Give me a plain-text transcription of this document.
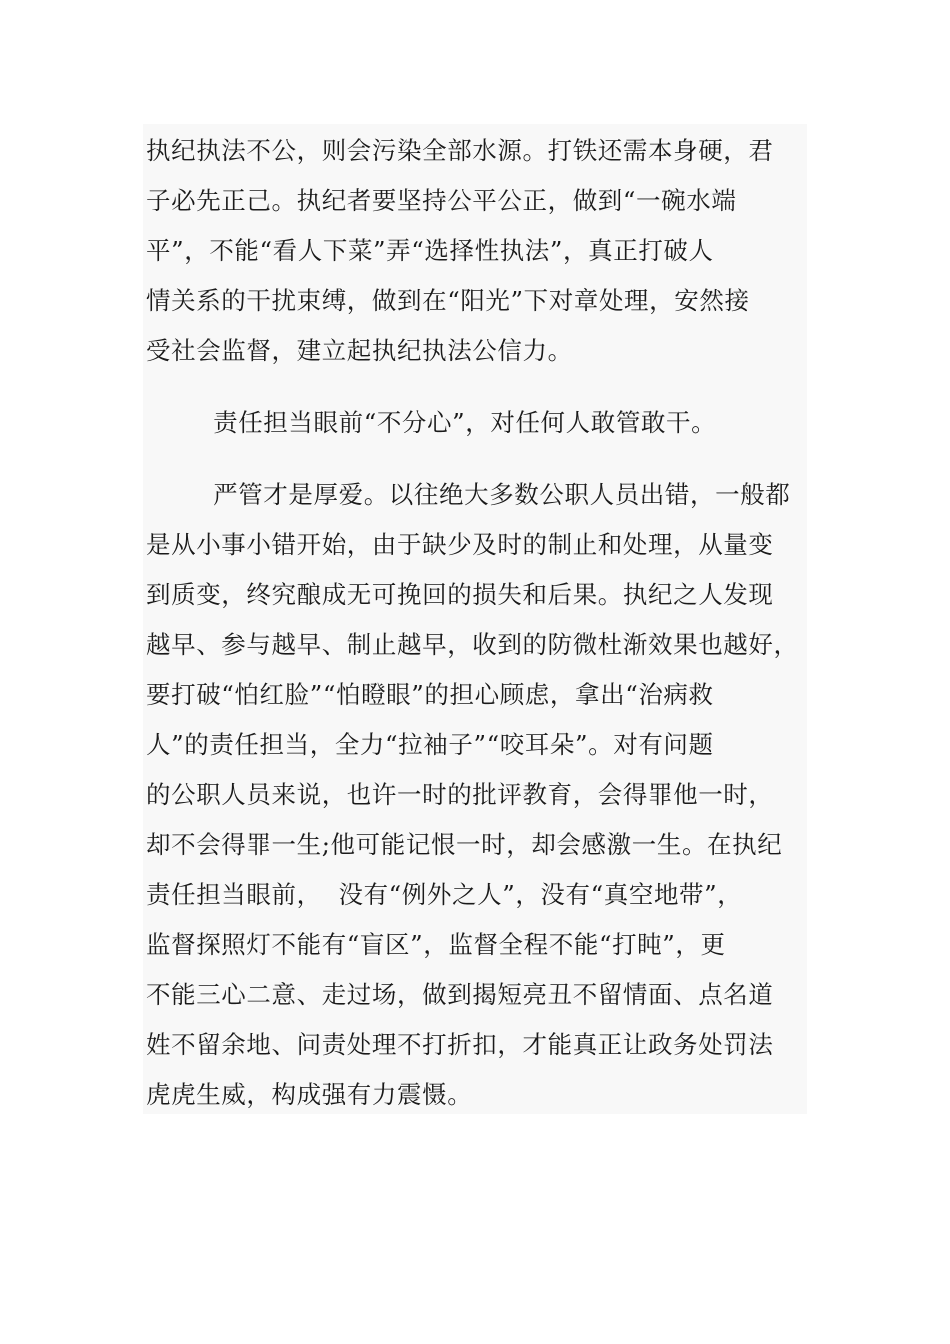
执纪执法不公，则会污染全部水源。打铁还需本身硬，君
子必先正己。执纪者要坚持公平公正，做到“一碗水端
平”，不能“看人下菜”弄“选择性执法”，真正打破人
情关系的干扰束缚，做到在“阳光”下对章处理，安然接
受社会监督，建立起执纪执法公信力。
责任担当眼前“不分心”，对任何人敢管敢干。
严管才是厚爱。以往绝大多数公职人员出错，一般都
是从小事小错开始，由于缺少及时的制止和处理，从量变
到质变，终究酿成无可挽回的损失和后果。执纪之人发现
越早、参与越早、制止越早，收到的防微杜渐效果也越好，
要打破“怕红脸”“怕瞪眼”的担心顾虑，拿出“治病救
人”的责任担当，全力“拉袖子”“咬耳朵”。对有问题
的公职人员来说，也许一时的批评教育，会得罪他一时，
却不会得罪一生;他可能记恨一时，却会感激一生。在执纪
责任担当眼前，  没有“例外之人”，没有“真空地带”，
监督探照灯不能有“盲区”，监督全程不能“打盹”，更
不能三心二意、走过场，做到揭短亮丑不留情面、点名道
姓不留余地、问责处理不打折扣，才能真正让政务处罚法
虎虎生威，构成强有力震慑。
